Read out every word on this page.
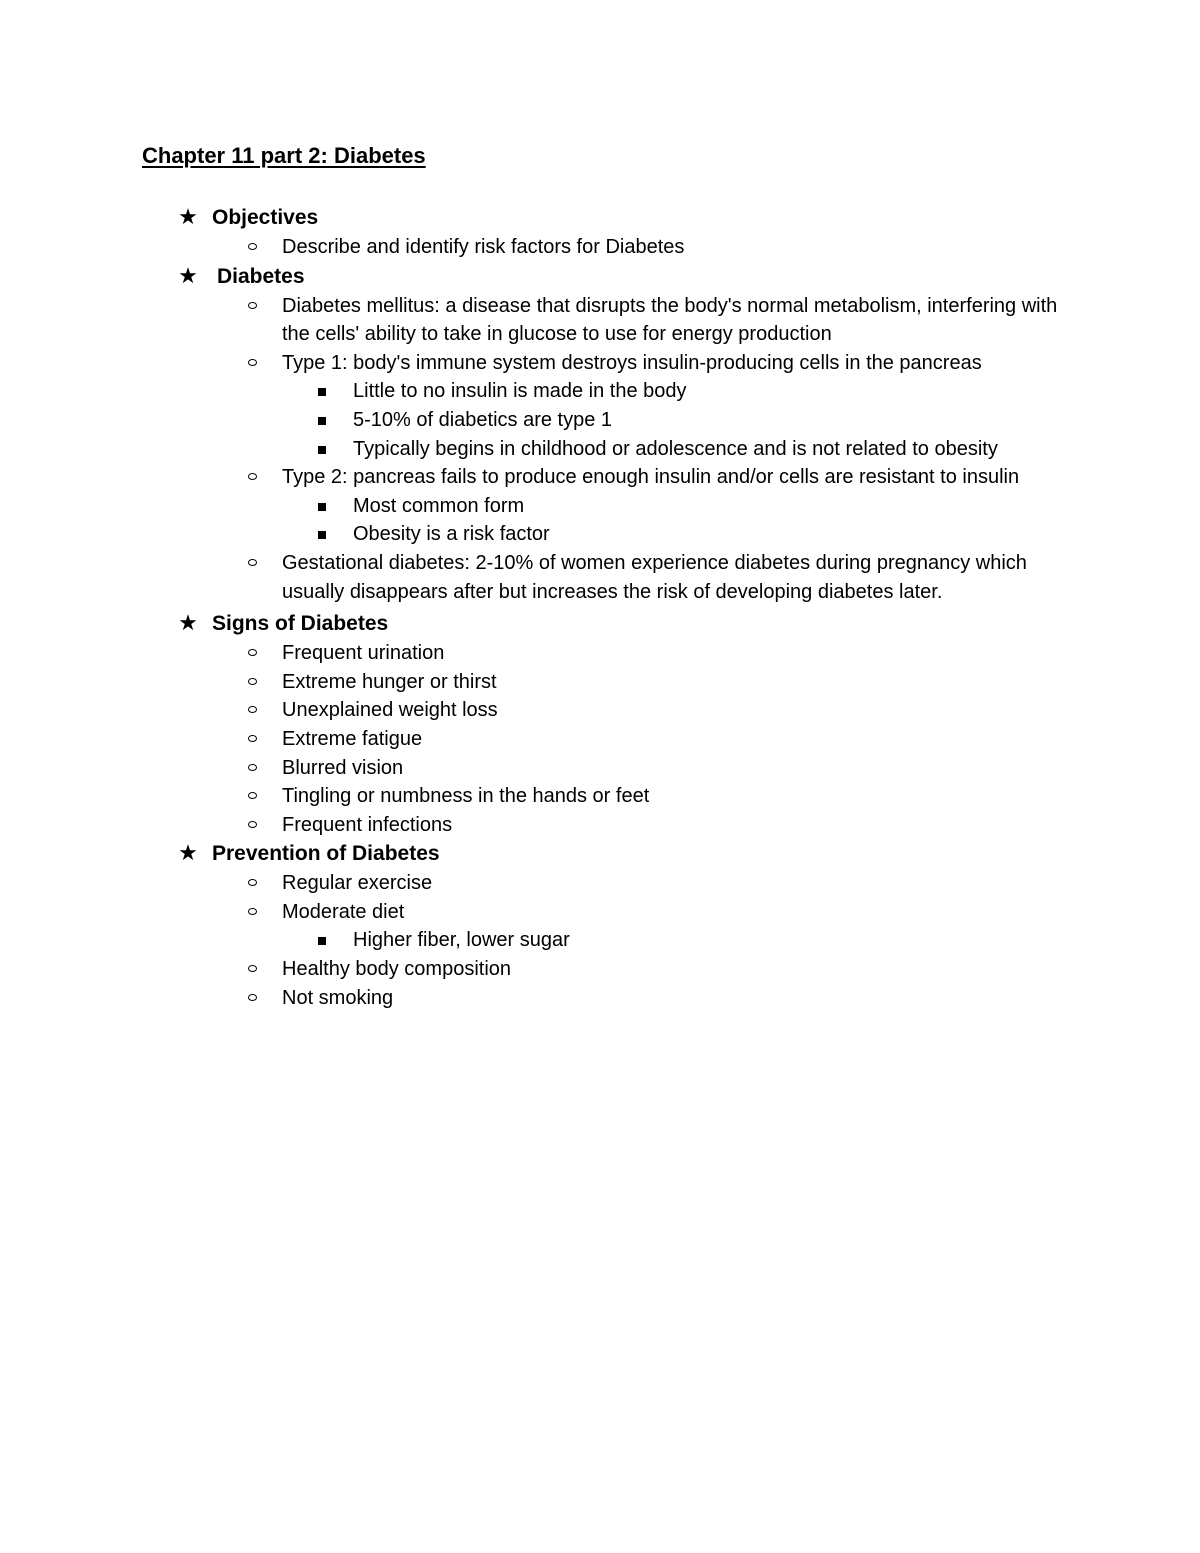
Chapter 11 part 2: Diabetes
★ Objectives
Describe and identify risk factors for Diabetes
★ Diabetes
Diabetes mellitus: a disease that disrupts the body's normal metabolism, interfering with the cells' ability to take in glucose to use for energy production
Type 1: body's immune system destroys insulin-producing cells in the pancreas
Little to no insulin is made in the body
5-10% of diabetics are type 1
Typically begins in childhood or adolescence and is not related to obesity
Type 2: pancreas fails to produce enough insulin and/or cells are resistant to insulin
Most common form
Obesity is a risk factor
Gestational diabetes: 2-10% of women experience diabetes during pregnancy which usually disappears after but increases the risk of developing diabetes later.
★ Signs of Diabetes
Frequent urination
Extreme hunger or thirst
Unexplained weight loss
Extreme fatigue
Blurred vision
Tingling or numbness in the hands or feet
Frequent infections
★ Prevention of Diabetes
Regular exercise
Moderate diet
Higher fiber, lower sugar
Healthy body composition
Not smoking
